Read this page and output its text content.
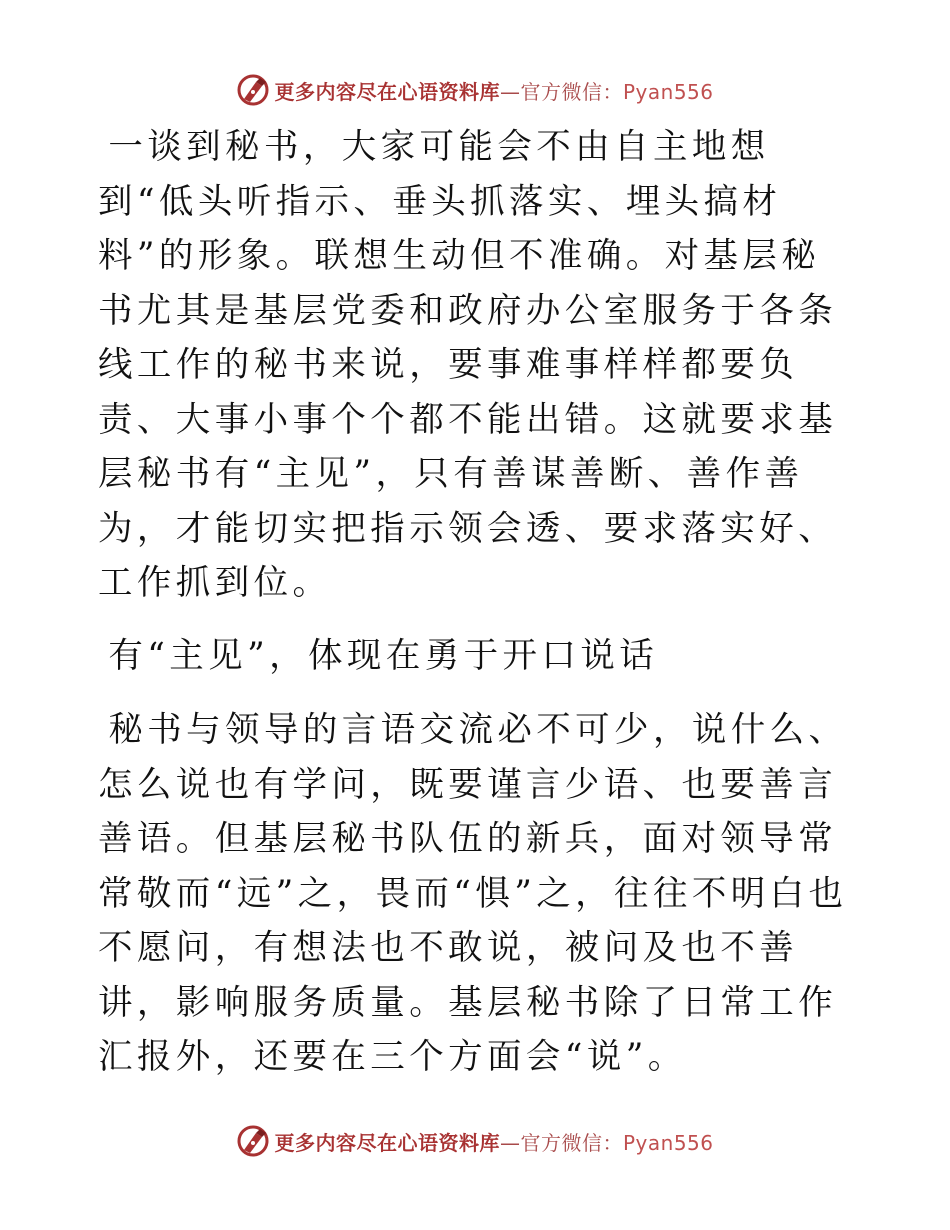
更多内容尽在心语资料库—官方微信：Pyan556

一谈到秘书，大家可能会不由自主地想到“低头听指示、垂头抓落实、埋头搞材料”的形象。联想生动但不准确。对基层秘书尤其是基层党委和政府办公室服务于各条线工作的秘书来说，要事难事样样都要负责、大事小事个个都不能出错。这就要求基层秘书有“主见”，只有善谋善断、善作善为，才能切实把指示领会透、要求落实好、工作抓到位。

有“主见”，体现在勇于开口说话

秘书与领导的言语交流必不可少，说什么、怎么说也有学问，既要谨言少语、也要善言善语。但基层秘书队伍的新兵，面对领导常常敬而“远”之，畏而“惧”之，往往不明白也不愿问，有想法也不敢说，被问及也不善讲，影响服务质量。基层秘书除了日常工作汇报外，还要在三个方面会“说”。

更多内容尽在心语资料库—官方微信：Pyan556
